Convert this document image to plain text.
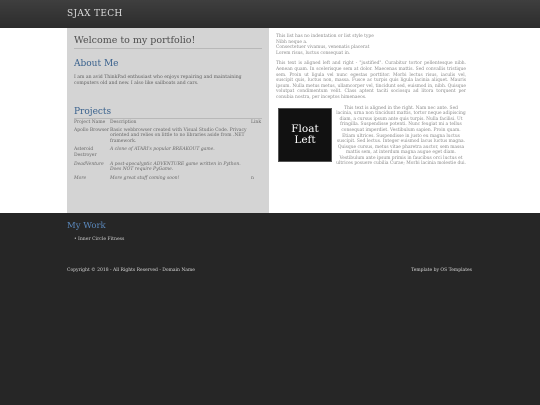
SJAX TECH
Welcome to my portfolio!
About Me
I am an avid ThinkPad enthusiast who enjoys repairing and maintaining computers old and new. I also like sailboats and cars.
Projects
Project Name	Description	Link
Apollo Browser	Basic webbrowser created with Visual Studio Code. Privacy oriented and relies on little to no libraries aside from .NET framework.	
Asteroid Destroyer	A clone of ATARI's popular BREAKOUT game.	
DeadVenture	A post-apocalyptic ADVENTURE game written in Python. Does NOT require PyGame.	
More	More great stuff coming soon!	n
This list has no indentation or list style type
Nibh neque a.
Consectetuer vivamus, venenatis placerat
Lorem risus, luctus consequat in.
This text is aligned left and right - "justified". Curabitur tortor pellentesque nibh. Aenean quam. In scelerisque sem at dolor. Maecenas mattis. Sed convallis tristique sem. Proin ut ligula vel nunc egestas porttitor. Morbi lectus risus, iaculis vel, suscipit quis, luctus non, massa. Fusce ac turpis quis ligula lacinia aliquet. Mauris ipsum. Nulla metus metus, ullamcorper vel, tincidunt sed, euismod in, nibh. Quisque volutpat condimentum velit. Class aptent taciti sociosqu ad litora torquent per conubia nostra, per inceptos himenaeos.
Float
Left
This text is aligned in the right. Nam nec ante. Sed lacinia, urna non tincidunt mattis, tortor neque adipiscing diam, a cursus ipsum ante quis turpis. Nulla facilisi. Ut fringilla. Suspendisse potenti. Nunc feugiat mi a tellus consequat imperdiet. Vestibulum sapien. Proin quam. Etiam ultrices. Suspendisse in justo eu magna luctus suscipit. Sed lectus. Integer euismod lacus luctus magna. Quisque cursus, metus vitae pharetra auctor, sem massa mattis sem, at interdum magna augue eget diam. Vestibulum ante ipsum primis in faucibus orci luctus et ultrices posuere cubilia Curae; Morbi lacinia molestie dui.
My Work
• Inner Circle Fitness
Copyright © 2018 - All Rights Reserved - Domain Name	Template by OS Templates
